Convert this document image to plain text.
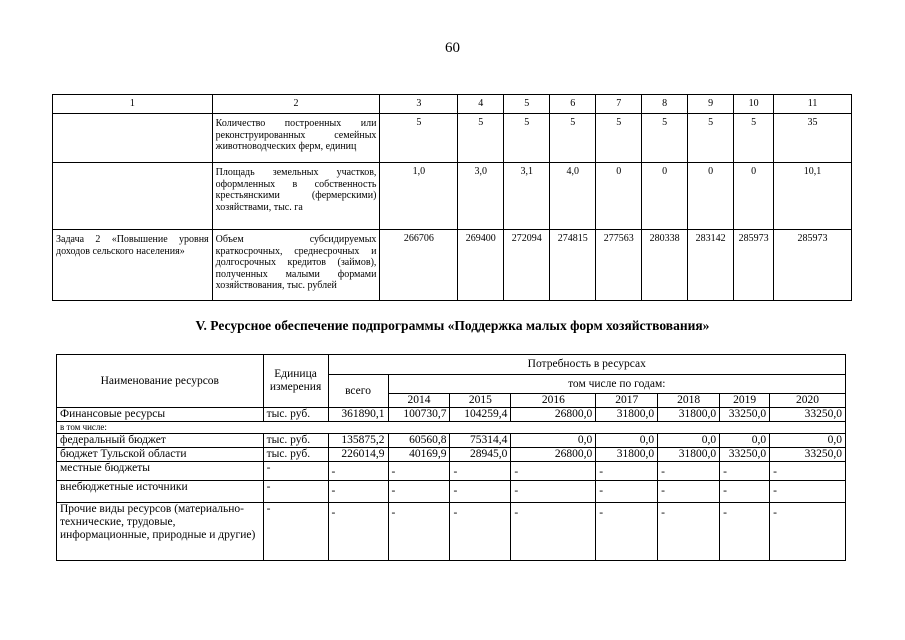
60
1	2	3	4	5	6	7	8	9	10	11
	Количество построенных или реконструированных семейных животноводческих ферм, единиц	5	5	5	5	5	5	5	5	35
	Площадь земельных участков, оформленных в собственность крестьянскими (фермерскими) хозяйствами, тыс. га	1,0	3,0	3,1	4,0	0	0	0	0	10,1
Задача 2 «Повышение уровня доходов сельского населения»	Объем субсидируемых краткосрочных, среднесрочных и долгосрочных кредитов (займов), полученных малыми формами хозяйствования, тыс. рублей	266706	269400	272094	274815	277563	280338	283142	285973	285973
V. Ресурсное обеспечение подпрограммы «Поддержка малых форм хозяйствования»
Наименование ресурсов	Единица измерения	Потребность в ресурсах							
		всего	том числе по годам:						
			2014	2015	2016	2017	2018	2019	2020
Финансовые ресурсы	тыс. руб.	361890,1	100730,7	104259,4	26800,0	31800,0	31800,0	33250,0	33250,0
в том числе:									
федеральный бюджет	тыс. руб.	135875,2	60560,8	75314,4	0,0	0,0	0,0	0,0	0,0
бюджет Тульской области	тыс. руб.	226014,9	40169,9	28945,0	26800,0	31800,0	31800,0	33250,0	33250,0
местные бюджеты	-	-	-	-	-	-	-	-	-
внебюджетные источники	-	-	-	-	-	-	-	-	-
Прочие виды ресурсов (материально-технические, трудовые, информационные, природные и другие)	-	-	-	-	-	-	-	-	-
